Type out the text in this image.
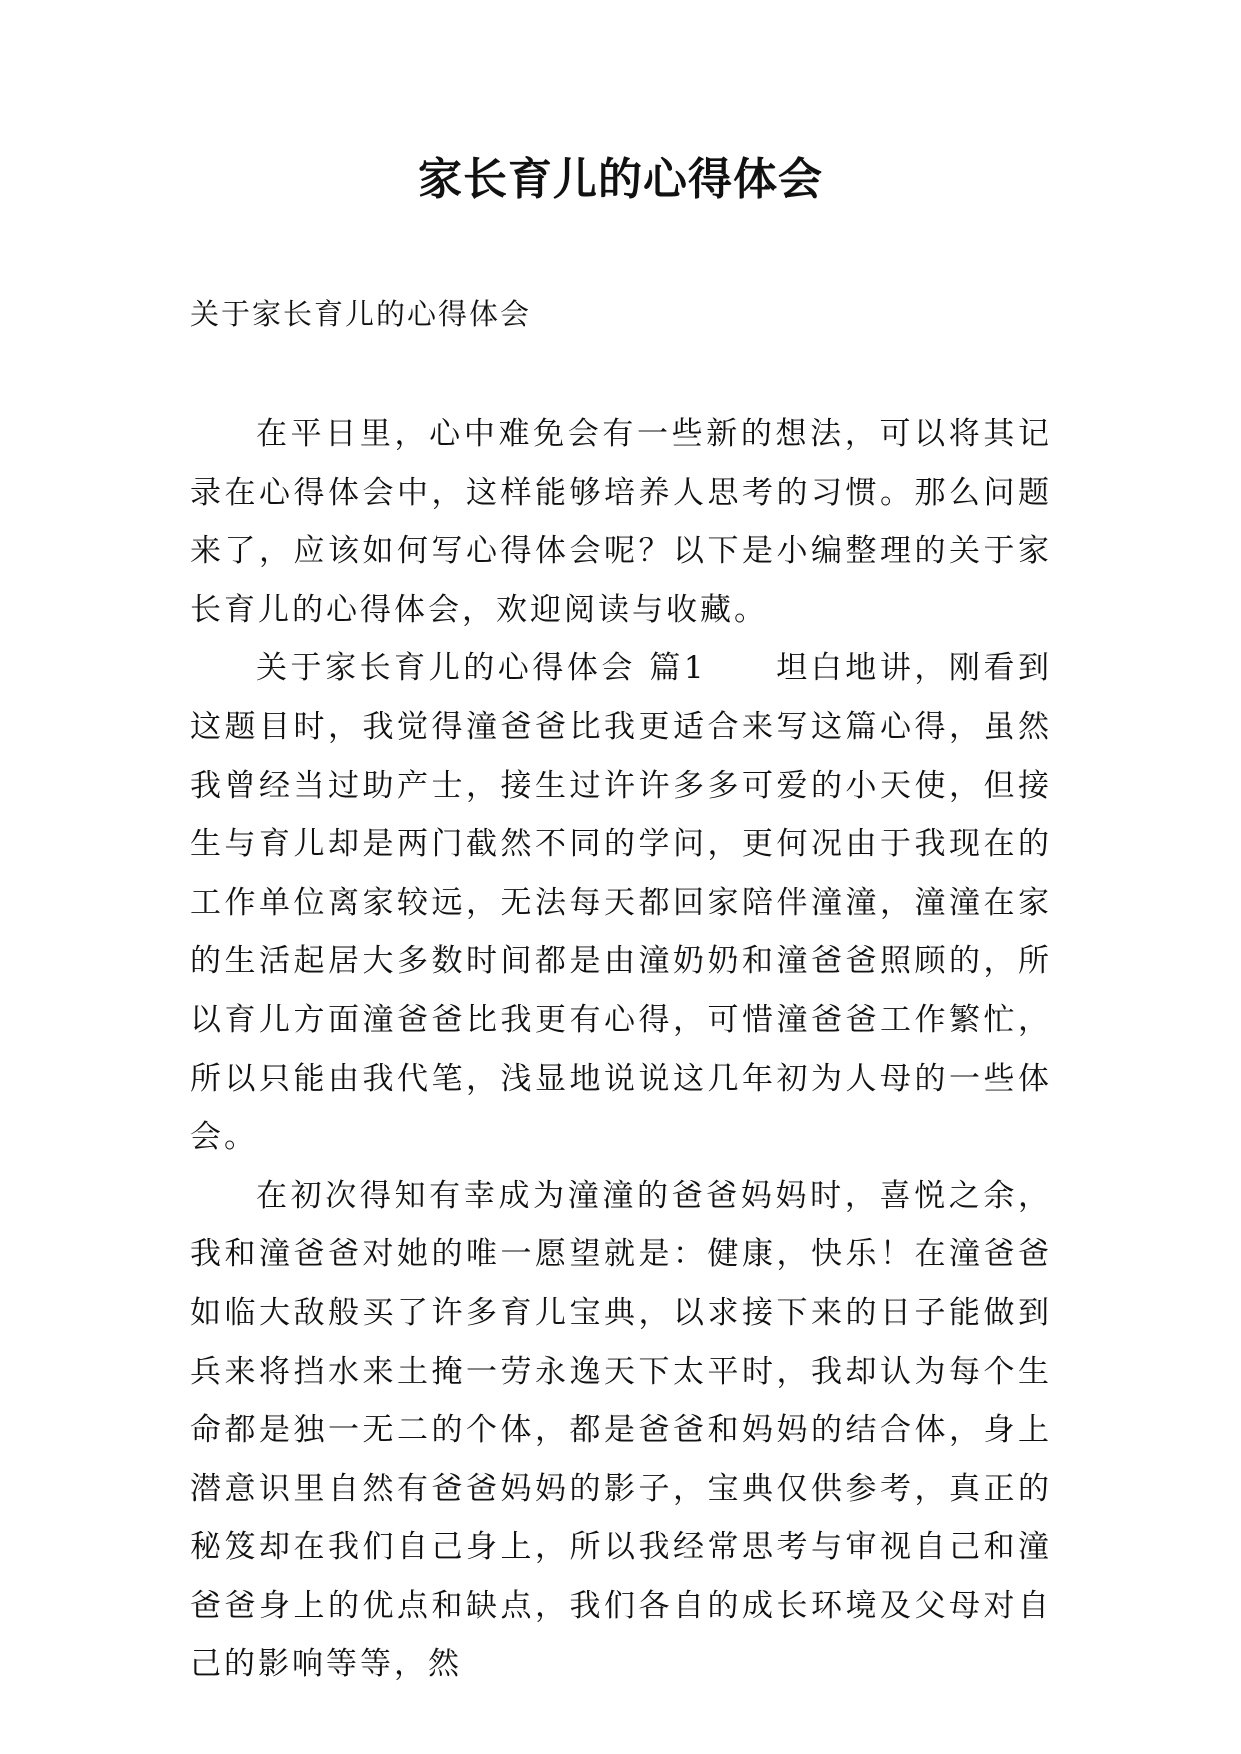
家长育儿的心得体会
关于家长育儿的心得体会

在平日里，心中难免会有一些新的想法，可以将其记录在心得体会中，这样能够培养人思考的习惯。那么问题来了，应该如何写心得体会呢？以下是小编整理的关于家长育儿的心得体会，欢迎阅读与收藏。

关于家长育儿的心得体会 篇1　　坦白地讲，刚看到这题目时，我觉得潼爸爸比我更适合来写这篇心得，虽然我曾经当过助产士，接生过许许多多可爱的小天使，但接生与育儿却是两门截然不同的学问，更何况由于我现在的工作单位离家较远，无法每天都回家陪伴潼潼，潼潼在家的生活起居大多数时间都是由潼奶奶和潼爸爸照顾的，所以育儿方面潼爸爸比我更有心得，可惜潼爸爸工作繁忙，所以只能由我代笔，浅显地说说这几年初为人母的一些体会。

在初次得知有幸成为潼潼的爸爸妈妈时，喜悦之余，我和潼爸爸对她的唯一愿望就是：健康，快乐！在潼爸爸如临大敌般买了许多育儿宝典，以求接下来的日子能做到兵来将挡水来土掩一劳永逸天下太平时，我却认为每个生命都是独一无二的个体，都是爸爸和妈妈的结合体，身上潜意识里自然有爸爸妈妈的影子，宝典仅供参考，真正的秘笈却在我们自己身上，所以我经常思考与审视自己和潼爸爸身上的优点和缺点，我们各自的成长环境及父母对自己的影响等等，然
